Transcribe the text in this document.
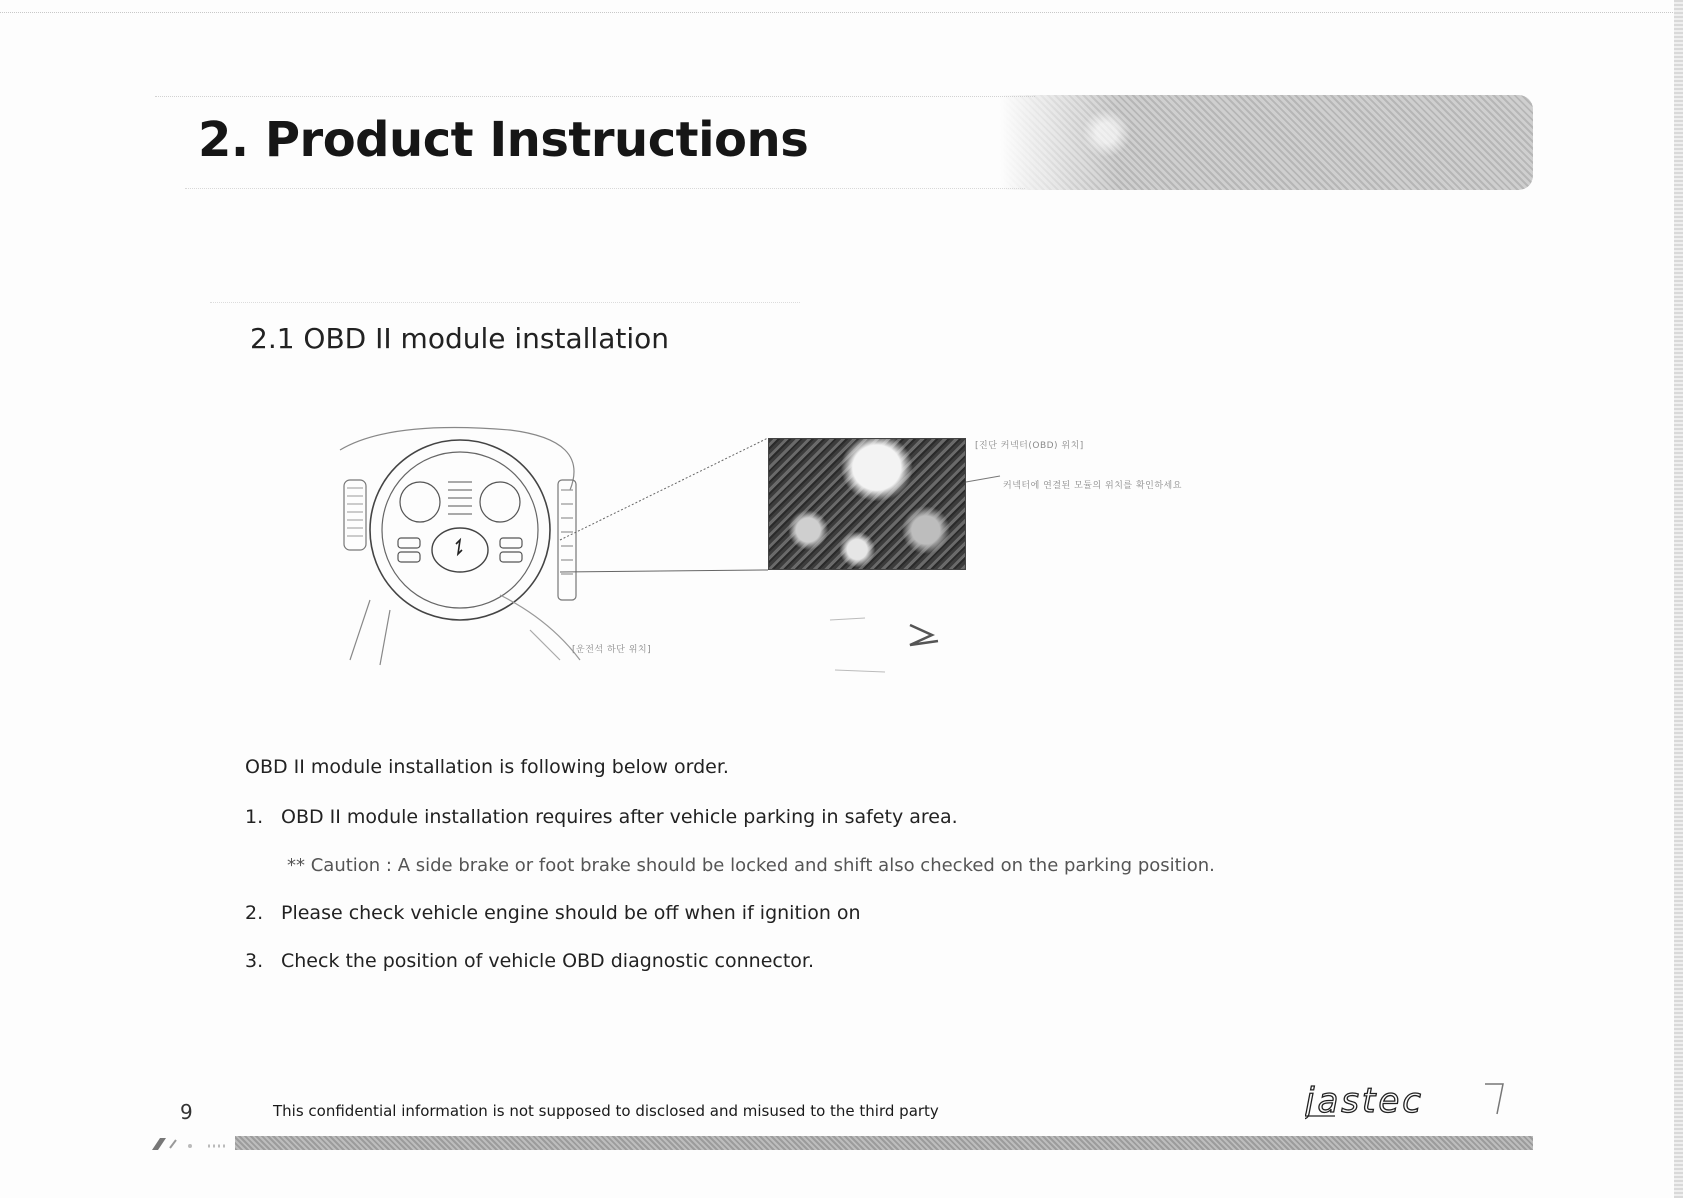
2. Product Instructions
2.1 OBD II module installation
[진단 커넥터(OBD) 위치]
커넥터에 연결된 모듈의 위치를 확인하세요
[운전석 하단 위치]

OBD II module installation is following below order.

1. OBD II module installation requires after vehicle parking in safety area.
** Caution : A side brake or foot brake should be locked and shift also checked on the parking position.
2. Please check vehicle engine should be off when if ignition on
3. Check the position of vehicle OBD diagnostic connector.
9	This confidential information is not supposed to disclosed and misused to the third party	jastec
